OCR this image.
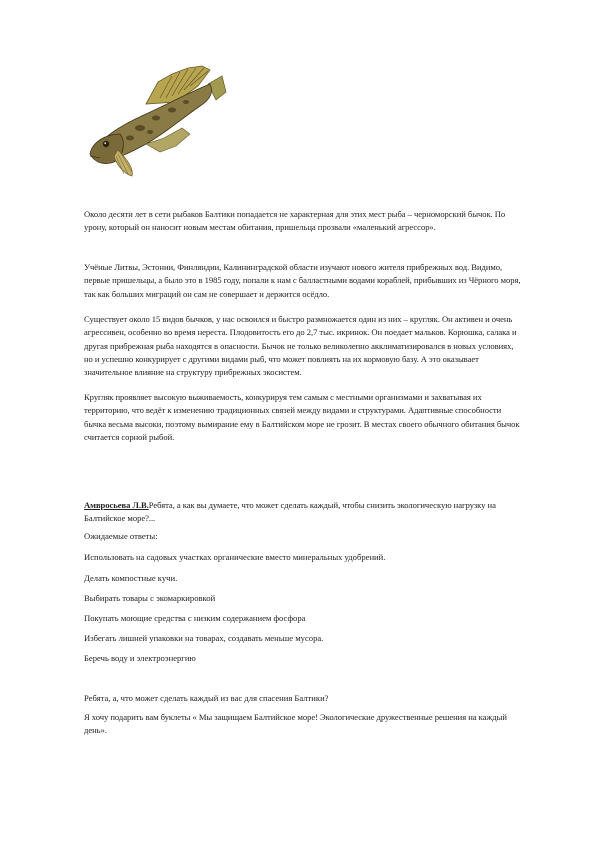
Около десяти лет в сети рыбаков Балтики попадается не характерная для этих мест рыба – черноморский бычок. По урону, который он наносит новым местам обитания, пришельца прозвали «маленький агрессор».

Учёные Литвы, Эстонии, Финляндии, Калининградской области изучают нового жителя прибрежных вод. Видимо, первые пришельцы, а было это в 1985 году, попали к нам с балластными водами кораблей, прибывших из Чёрного моря, так как больших миграций он сам не совершает и держится осёдло.

Существует около 15 видов бычков, у нас освоился и быстро размножается один из них – кругляк. Он активен и очень агрессивен, особенно во время нереста. Плодовитость его до 2,7 тыс. икринок. Он поедает мальков. Корюшка, салака и другая прибрежная рыба находятся в опасности. Бычок не только великолепно акклиматизировался в новых условиях, но и успешно конкурирует с другими видами рыб, что может повлиять на их кормовую базу. А это оказывает значительное влияние на структуру прибрежных экосистем.

Кругляк проявляет высокую выживаемость, конкурируя тем самым с местными организмами и захватывая их территорию, что ведёт к изменению традиционных связей между видами и структурами. Адаптивные способности бычка весьма высоки, поэтому вымирание ему в Балтийском море не грозит. В местах своего обычного обитания бычок считается сорной рыбой.

Амвросьева Л.В.Ребята, а как вы думаете, что может сделать каждый, чтобы снизить экологическую нагрузку на Балтийское море?...

Ожидаемые ответы:

Использовать на садовых участках органические вместо минеральных удобрений.

Делать компостные кучи.

Выбирать товары с экомаркировкой

Покупать моющие средства с низким содержанием фосфора

Избегать лишней упаковки на товарах, создавать меньше мусора.

Беречь воду и электроэнергию

Ребята, а, что может сделать каждый из вас для спасения Балтики?

Я хочу подарить вам буклеты « Мы защищаем Балтийское море! Экологические дружественные решения на каждый день».
